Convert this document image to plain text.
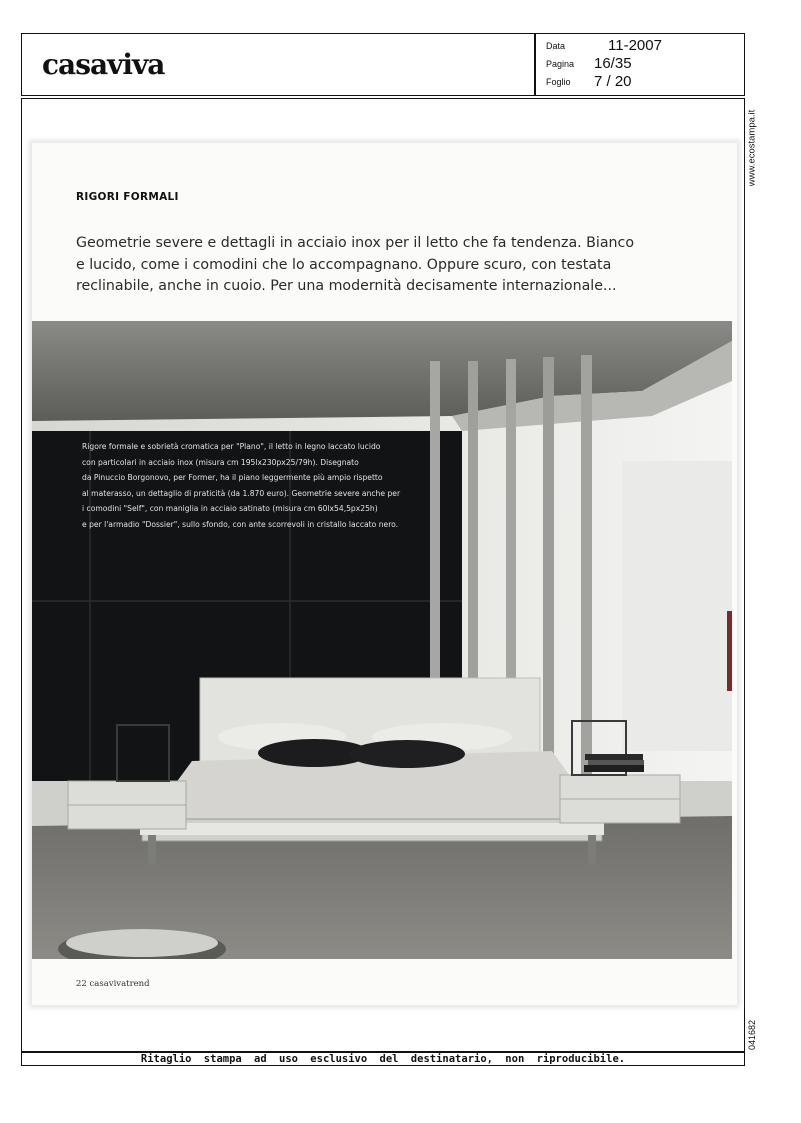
casaviva
Data	11-2007
Pagina 16/35
Foglio 7 / 20
Ritaglio stampa ad uso esclusivo del destinatario, non riproducibile.
www.ecostampa.it
041682
RIGORI FORMALI
Geometrie severe e dettagli in acciaio inox per il letto che fa tendenza. Bianco
e lucido, come i comodini che lo accompagnano. Oppure scuro, con testata
reclinabile, anche in cuoio. Per una modernità decisamente internazionale...
Rigore formale e sobrietà cromatica per "Plano", il letto in legno laccato lucido
con particolari in acciaio inox (misura cm 195lx230px25/79h). Disegnato
da Pinuccio Borgonovo, per Former, ha il piano leggermente più ampio rispetto
al materasso, un dettaglio di praticità (da 1.870 euro). Geometrie severe anche per
i comodini "Self", con maniglia in acciaio satinato (misura cm 60lx54,5px25h)
e per l'armadio "Dossier", sullo sfondo, con ante scorrevoli in cristallo laccato nero.
22 casavivatrend
